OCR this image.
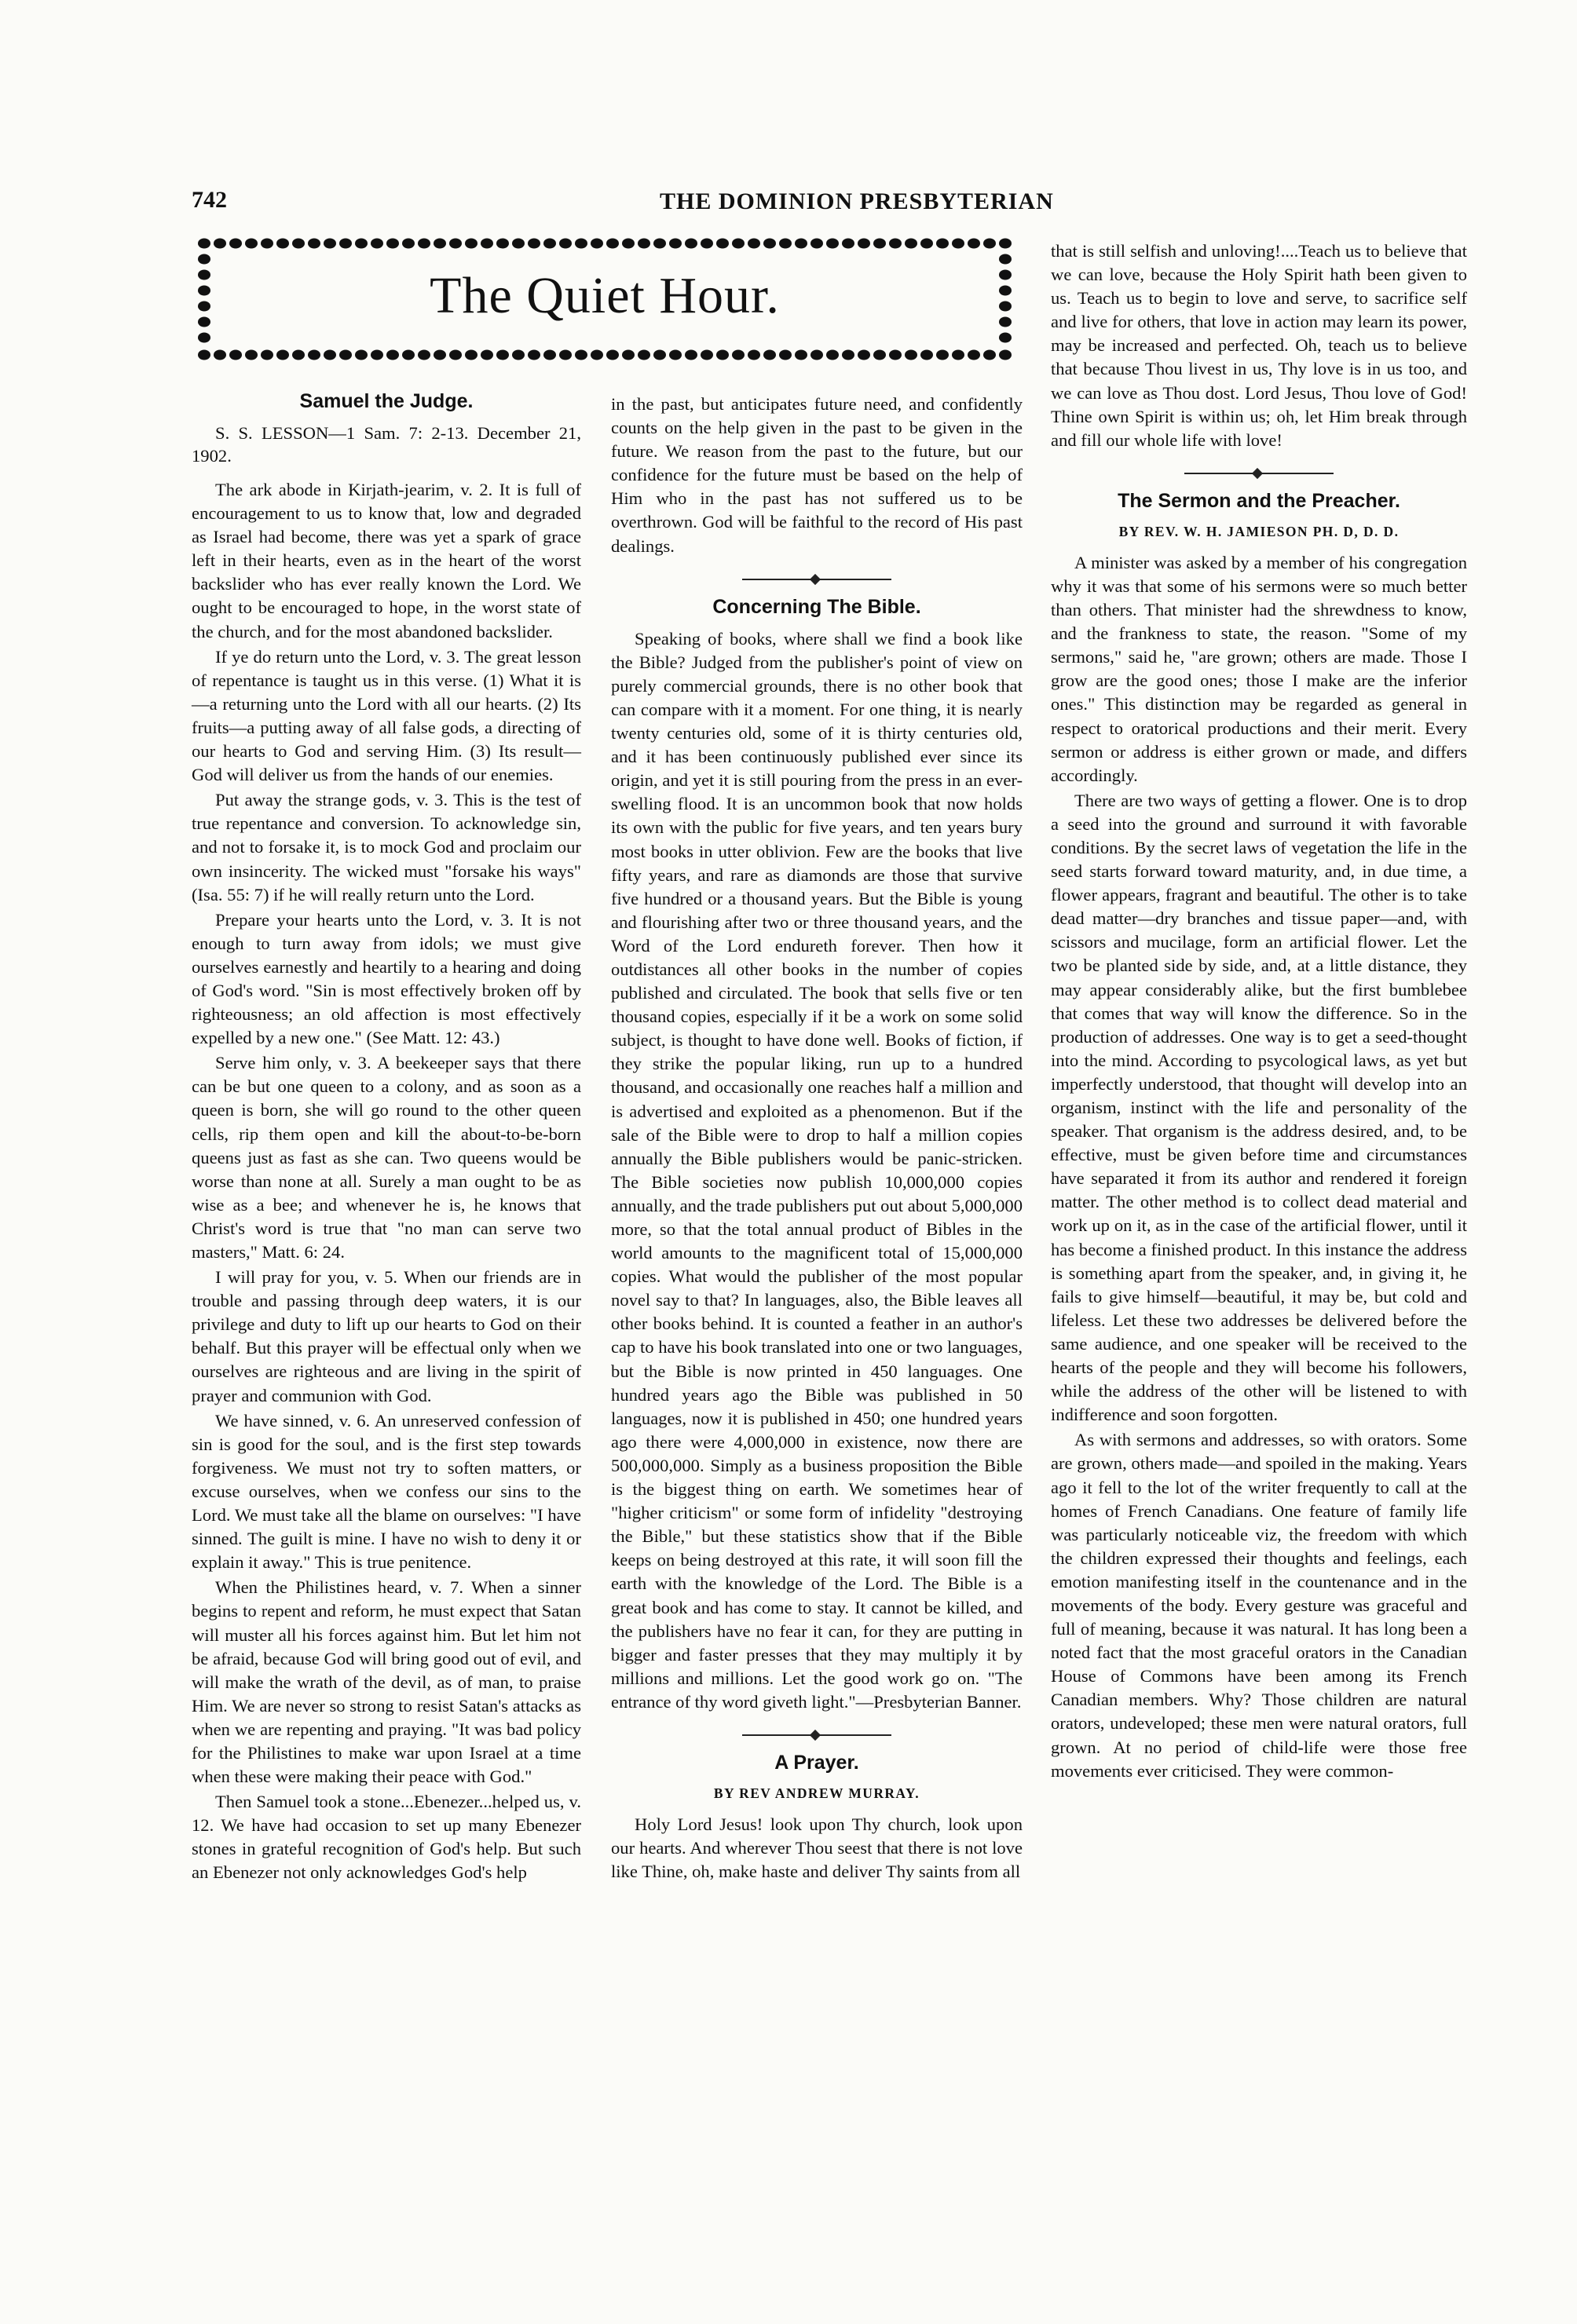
742	THE DOMINION PRESBYTERIAN
The Quiet Hour.
Samuel the Judge.
S. S. LESSON—1 Sam. 7: 2-13. December 21, 1902.

The ark abode in Kirjath-jearim, v. 2. It is full of encouragement to us to know that, low and degraded as Israel had become, there was yet a spark of grace left in their hearts, even as in the heart of the worst backslider who has ever really known the Lord. We ought to be encouraged to hope, in the worst state of the church, and for the most abandoned backslider.

If ye do return unto the Lord, v. 3. The great lesson of repentance is taught us in this verse. (1) What it is—a returning unto the Lord with all our hearts. (2) Its fruits—a putting away of all false gods, a directing of our hearts to God and serving Him. (3) Its result—God will deliver us from the hands of our enemies.

Put away the strange gods, v. 3. This is the test of true repentance and conversion. To acknowledge sin, and not to forsake it, is to mock God and proclaim our own insincerity. The wicked must "forsake his ways" (Isa. 55: 7) if he will really return unto the Lord.

Prepare your hearts unto the Lord, v. 3. It is not enough to turn away from idols; we must give ourselves earnestly and heartily to a hearing and doing of God's word. "Sin is most effectively broken off by righteousness; an old affection is most effectively expelled by a new one." (See Matt. 12: 43.)

Serve him only, v. 3. A beekeeper says that there can be but one queen to a colony, and as soon as a queen is born, she will go round to the other queen cells, rip them open and kill the about-to-be-born queens just as fast as she can. Two queens would be worse than none at all. Surely a man ought to be as wise as a bee; and whenever he is, he knows that Christ's word is true that "no man can serve two masters," Matt. 6: 24.

I will pray for you, v. 5. When our friends are in trouble and passing through deep waters, it is our privilege and duty to lift up our hearts to God on their behalf. But this prayer will be effectual only when we ourselves are righteous and are living in the spirit of prayer and communion with God.

We have sinned, v. 6. An unreserved confession of sin is good for the soul, and is the first step towards forgiveness. We must not try to soften matters, or excuse ourselves, when we confess our sins to the Lord. We must take all the blame on ourselves: "I have sinned. The guilt is mine. I have no wish to deny it or explain it away." This is true penitence.

When the Philistines heard, v. 7. When a sinner begins to repent and reform, he must expect that Satan will muster all his forces against him. But let him not be afraid, because God will bring good out of evil, and will make the wrath of the devil, as of man, to praise Him. We are never so strong to resist Satan's attacks as when we are repenting and praying. "It was bad policy for the Philistines to make war upon Israel at a time when these were making their peace with God."

Then Samuel took a stone...Ebenezer...helped us, v. 12. We have had occasion to set up many Ebenezer stones in grateful recognition of God's help. But such an Ebenezer not only acknowledges God's help

in the past, but anticipates future need, and confidently counts on the help given in the past to be given in the future. We reason from the past to the future, but our confidence for the future must be based on the help of Him who in the past has not suffered us to be overthrown. God will be faithful to the record of His past dealings.

Concerning The Bible.

Speaking of books, where shall we find a book like the Bible? Judged from the publisher's point of view on purely commercial grounds, there is no other book that can compare with it a moment. For one thing, it is nearly twenty centuries old, some of it is thirty centuries old, and it has been continuously published ever since its origin, and yet it is still pouring from the press in an ever-swelling flood. It is an uncommon book that now holds its own with the public for five years, and ten years bury most books in utter oblivion. Few are the books that live fifty years, and rare as diamonds are those that survive five hundred or a thousand years. But the Bible is young and flourishing after two or three thousand years, and the Word of the Lord endureth forever. Then how it outdistances all other books in the number of copies published and circulated. The book that sells five or ten thousand copies, especially if it be a work on some solid subject, is thought to have done well. Books of fiction, if they strike the popular liking, run up to a hundred thousand, and occasionally one reaches half a million and is advertised and exploited as a phenomenon. But if the sale of the Bible were to drop to half a million copies annually the Bible publishers would be panic-stricken. The Bible societies now publish 10,000,000 copies annually, and the trade publishers put out about 5,000,000 more, so that the total annual product of Bibles in the world amounts to the magnificent total of 15,000,000 copies. What would the publisher of the most popular novel say to that? In languages, also, the Bible leaves all other books behind. It is counted a feather in an author's cap to have his book translated into one or two languages, but the Bible is now printed in 450 languages. One hundred years ago the Bible was published in 50 languages, now it is published in 450; one hundred years ago there were 4,000,000 in existence, now there are 500,000,000. Simply as a business proposition the Bible is the biggest thing on earth. We sometimes hear of "higher criticism" or some form of infidelity "destroying the Bible," but these statistics show that if the Bible keeps on being destroyed at this rate, it will soon fill the earth with the knowledge of the Lord. The Bible is a great book and has come to stay. It cannot be killed, and the publishers have no fear it can, for they are putting in bigger and faster presses that they may multiply it by millions and millions. Let the good work go on. "The entrance of thy word giveth light."—Presbyterian Banner.

A Prayer.
BY REV ANDREW MURRAY.

Holy Lord Jesus! look upon Thy church, look upon our hearts. And wherever Thou seest that there is not love like Thine, oh, make haste and deliver Thy saints from all

that is still selfish and unloving!....Teach us to believe that we can love, because the Holy Spirit hath been given to us. Teach us to begin to love and serve, to sacrifice self and live for others, that love in action may learn its power, may be increased and perfected. Oh, teach us to believe that because Thou livest in us, Thy love is in us too, and we can love as Thou dost. Lord Jesus, Thou love of God! Thine own Spirit is within us; oh, let Him break through and fill our whole life with love!

The Sermon and the Preacher.
BY REV. W. H. JAMIESON PH. D, D. D.

A minister was asked by a member of his congregation why it was that some of his sermons were so much better than others. That minister had the shrewdness to know, and the frankness to state, the reason. "Some of my sermons," said he, "are grown; others are made. Those I grow are the good ones; those I make are the inferior ones." This distinction may be regarded as general in respect to oratorical productions and their merit. Every sermon or address is either grown or made, and differs accordingly.

There are two ways of getting a flower. One is to drop a seed into the ground and surround it with favorable conditions. By the secret laws of vegetation the life in the seed starts forward toward maturity, and, in due time, a flower appears, fragrant and beautiful. The other is to take dead matter—dry branches and tissue paper—and, with scissors and mucilage, form an artificial flower. Let the two be planted side by side, and, at a little distance, they may appear considerably alike, but the first bumblebee that comes that way will know the difference. So in the production of addresses. One way is to get a seed-thought into the mind. According to psycological laws, as yet but imperfectly understood, that thought will develop into an organism, instinct with the life and personality of the speaker. That organism is the address desired, and, to be effective, must be given before time and circumstances have separated it from its author and rendered it foreign matter. The other method is to collect dead material and work up on it, as in the case of the artificial flower, until it has become a finished product. In this instance the address is something apart from the speaker, and, in giving it, he fails to give himself—beautiful, it may be, but cold and lifeless. Let these two addresses be delivered before the same audience, and one speaker will be received to the hearts of the people and they will become his followers, while the address of the other will be listened to with indifference and soon forgotten.

As with sermons and addresses, so with orators. Some are grown, others made—and spoiled in the making. Years ago it fell to the lot of the writer frequently to call at the homes of French Canadians. One feature of family life was particularly noticeable viz, the freedom with which the children expressed their thoughts and feelings, each emotion manifesting itself in the countenance and in the movements of the body. Every gesture was graceful and full of meaning, because it was natural. It has long been a noted fact that the most graceful orators in the Canadian House of Commons have been among its French Canadian members. Why? Those children are natural orators, undeveloped; these men were natural orators, full grown. At no period of child-life were those free movements ever criticised. They were common-
